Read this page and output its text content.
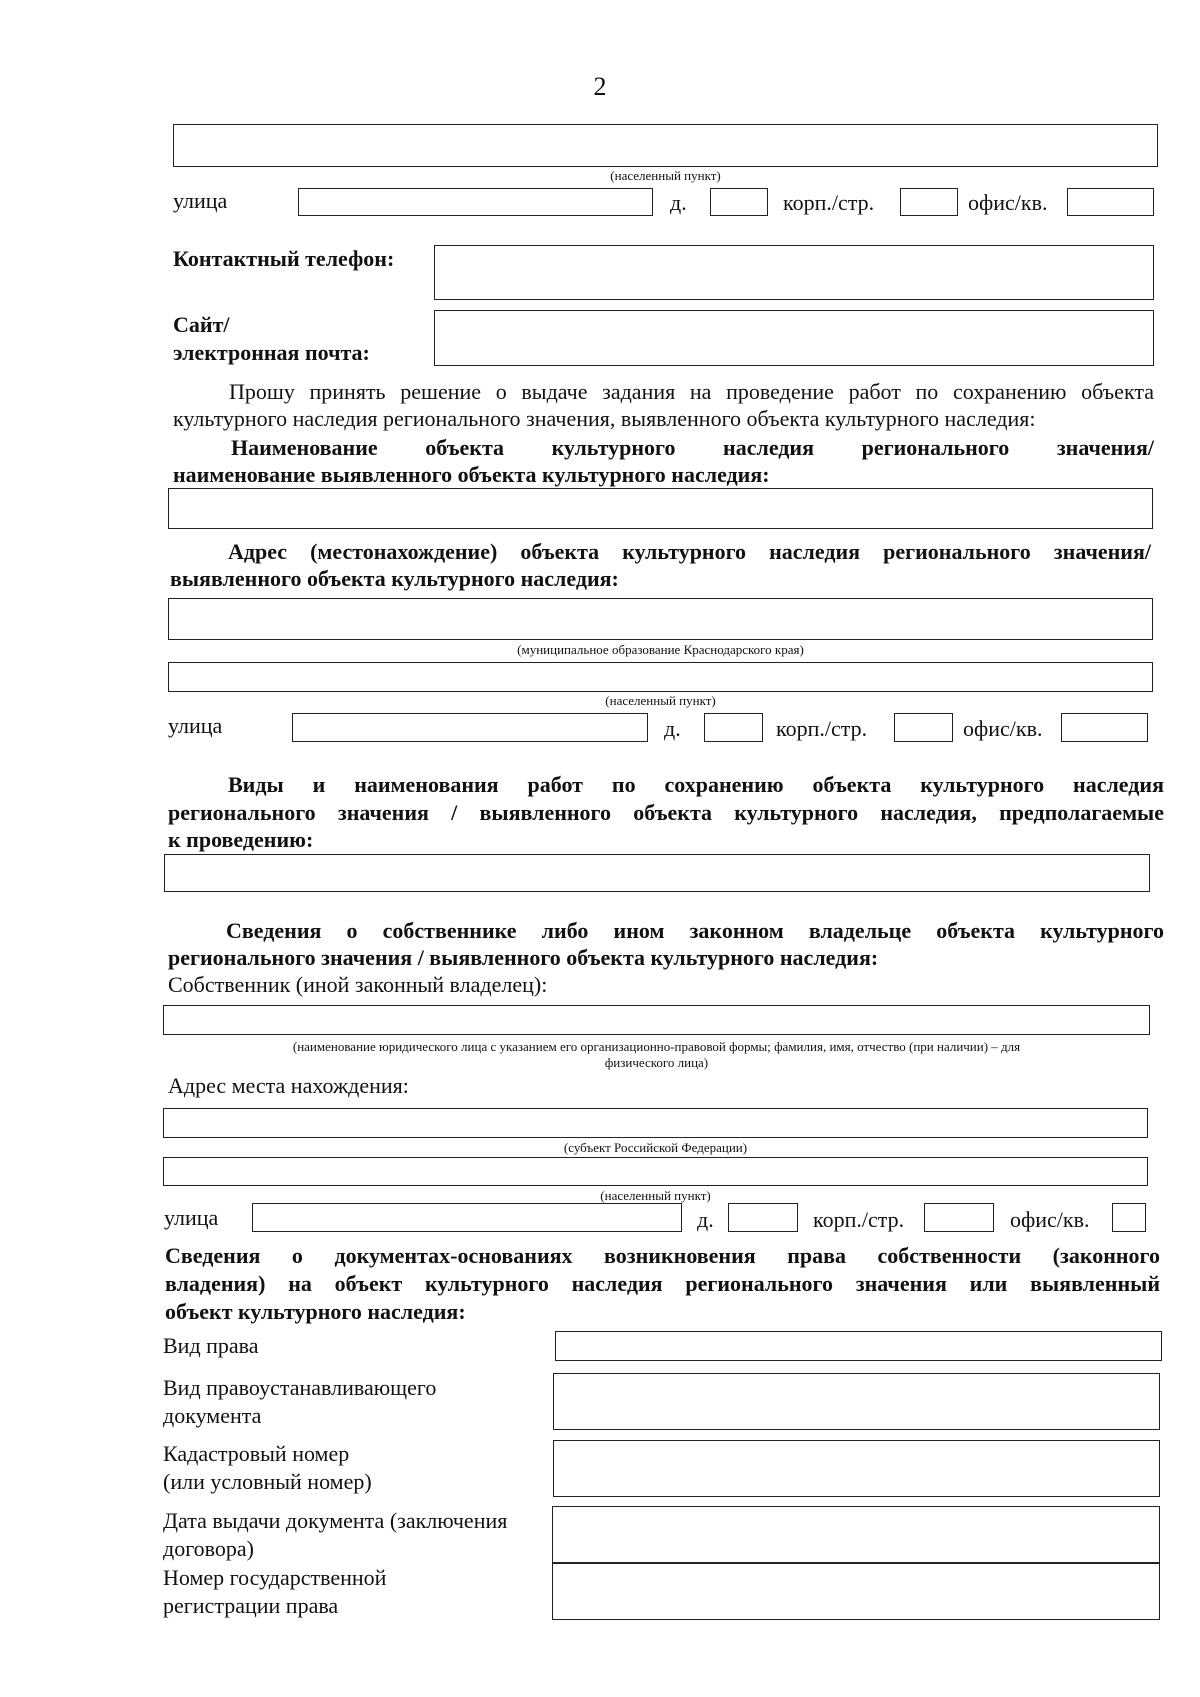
2
(населенный пункт)
улица	д.	корп./стр.	офис/кв.
Контактный телефон:
Сайт/
электронная почта:
Прошу принять решение о выдаче задания на проведение работ по сохранению объекта
культурного наследия регионального значения, выявленного объекта культурного наследия:
Наименование объекта культурного наследия регионального значения/
наименование выявленного объекта культурного наследия:
Адрес (местонахождение) объекта культурного наследия регионального значения/
выявленного объекта культурного наследия:
(муниципальное образование Краснодарского края)
(населенный пункт)
улица	д.	корп./стр.	офис/кв.
Виды и наименования работ по сохранению объекта культурного наследия
регионального значения / выявленного объекта культурного наследия, предполагаемые
к проведению:
Сведения о собственнике либо ином законном владельце объекта культурного
регионального значения / выявленного объекта культурного наследия:
Собственник (иной законный владелец):
(наименование юридического лица с указанием его организационно-правовой формы; фамилия, имя, отчество (при наличии) – для
физического лица)
Адрес места нахождения:
(субъект Российской Федерации)
(населенный пункт)
улица	д.	корп./стр.	офис/кв.
Сведения о документах-основаниях возникновения права собственности (законного
владения) на объект культурного наследия регионального значения или выявленный
объект культурного наследия:
Вид права
Вид правоустанавливающего
документа
Кадастровый номер
(или условный номер)
Дата выдачи документа (заключения
договора)
Номер государственной
регистрации права
